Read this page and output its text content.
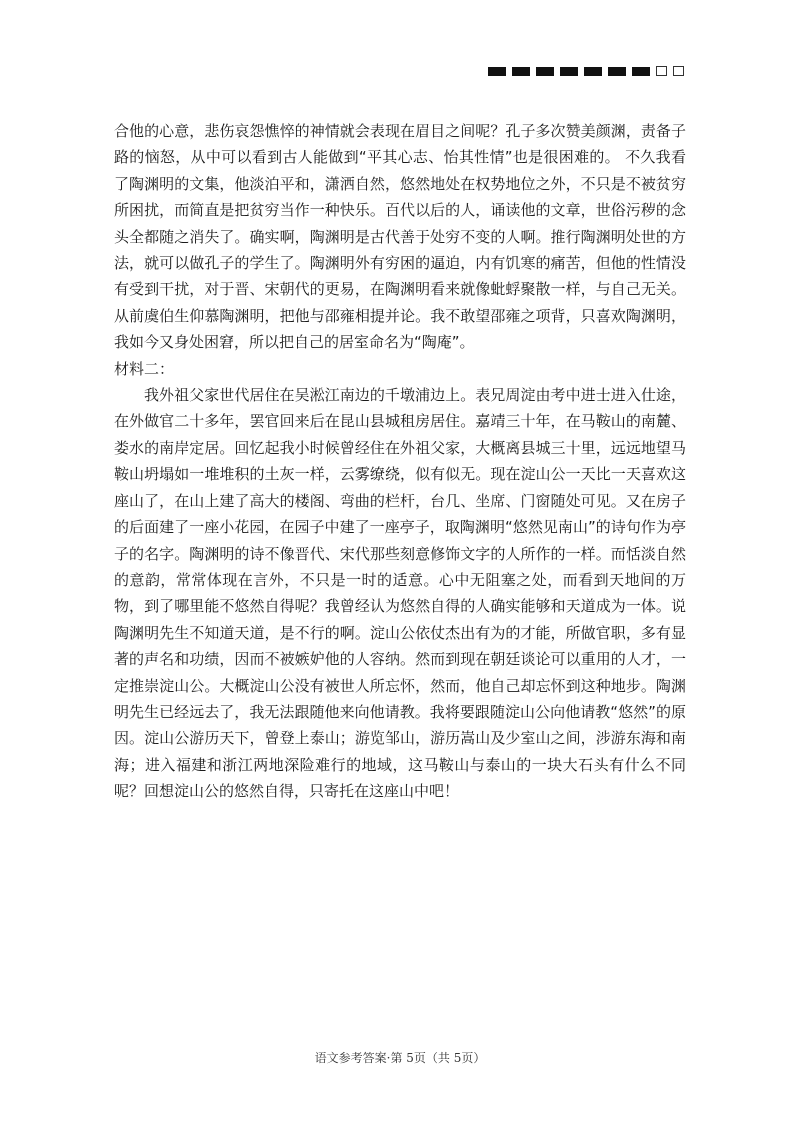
合他的心意，悲伤哀怨憔悴的神情就会表现在眉目之间呢？孔子多次赞美颜渊，责备子路的恼怒，从中可以看到古人能做到“平其心志、怡其性情”也是很困难的。 不久我看了陶渊明的文集，他淡泊平和，潇洒自然，悠然地处在权势地位之外，不只是不被贫穷所困扰，而简直是把贫穷当作一种快乐。百代以后的人，诵读他的文章，世俗污秽的念头全都随之消失了。确实啊，陶渊明是古代善于处穷不变的人啊。推行陶渊明处世的方法，就可以做孔子的学生了。陶渊明外有穷困的逼迫，内有饥寒的痛苦，但他的性情没有受到干扰，对于晋、宋朝代的更易，在陶渊明看来就像蚍蜉聚散一样，与自己无关。从前虞伯生仰慕陶渊明，把他与邵雍相提并论。我不敢望邵雍之项背，只喜欢陶渊明，我如今又身处困窘，所以把自己的居室命名为“陶庵”。

材料二：

我外祖父家世代居住在吴淞江南边的千墩浦边上。表兄周淀由考中进士进入仕途，在外做官二十多年，罢官回来后在昆山县城租房居住。嘉靖三十年，在马鞍山的南麓、娄水的南岸定居。回忆起我小时候曾经住在外祖父家，大概离县城三十里，远远地望马鞍山坍塌如一堆堆积的土灰一样，云雾缭绕，似有似无。现在淀山公一天比一天喜欢这座山了，在山上建了高大的楼阁、弯曲的栏杆，台几、坐席、门窗随处可见。又在房子的后面建了一座小花园，在园子中建了一座亭子，取陶渊明“悠然见南山”的诗句作为亭子的名字。陶渊明的诗不像晋代、宋代那些刻意修饰文字的人所作的一样。而恬淡自然的意韵，常常体现在言外，不只是一时的适意。心中无阻塞之处，而看到天地间的万物，到了哪里能不悠然自得呢？我曾经认为悠然自得的人确实能够和天道成为一体。说陶渊明先生不知道天道，是不行的啊。淀山公依仗杰出有为的才能，所做官职，多有显著的声名和功绩，因而不被嫉妒他的人容纳。然而到现在朝廷谈论可以重用的人才，一定推崇淀山公。大概淀山公没有被世人所忘怀，然而，他自己却忘怀到这种地步。陶渊明先生已经远去了，我无法跟随他来向他请教。我将要跟随淀山公向他请教“悠然”的原因。淀山公游历天下，曾登上泰山；游览邹山，游历嵩山及少室山之间，涉游东海和南海；进入福建和浙江两地深险难行的地域，这马鞍山与泰山的一块大石头有什么不同呢？回想淀山公的悠然自得，只寄托在这座山中吧！

语文参考答案·第 5页（共 5页）
